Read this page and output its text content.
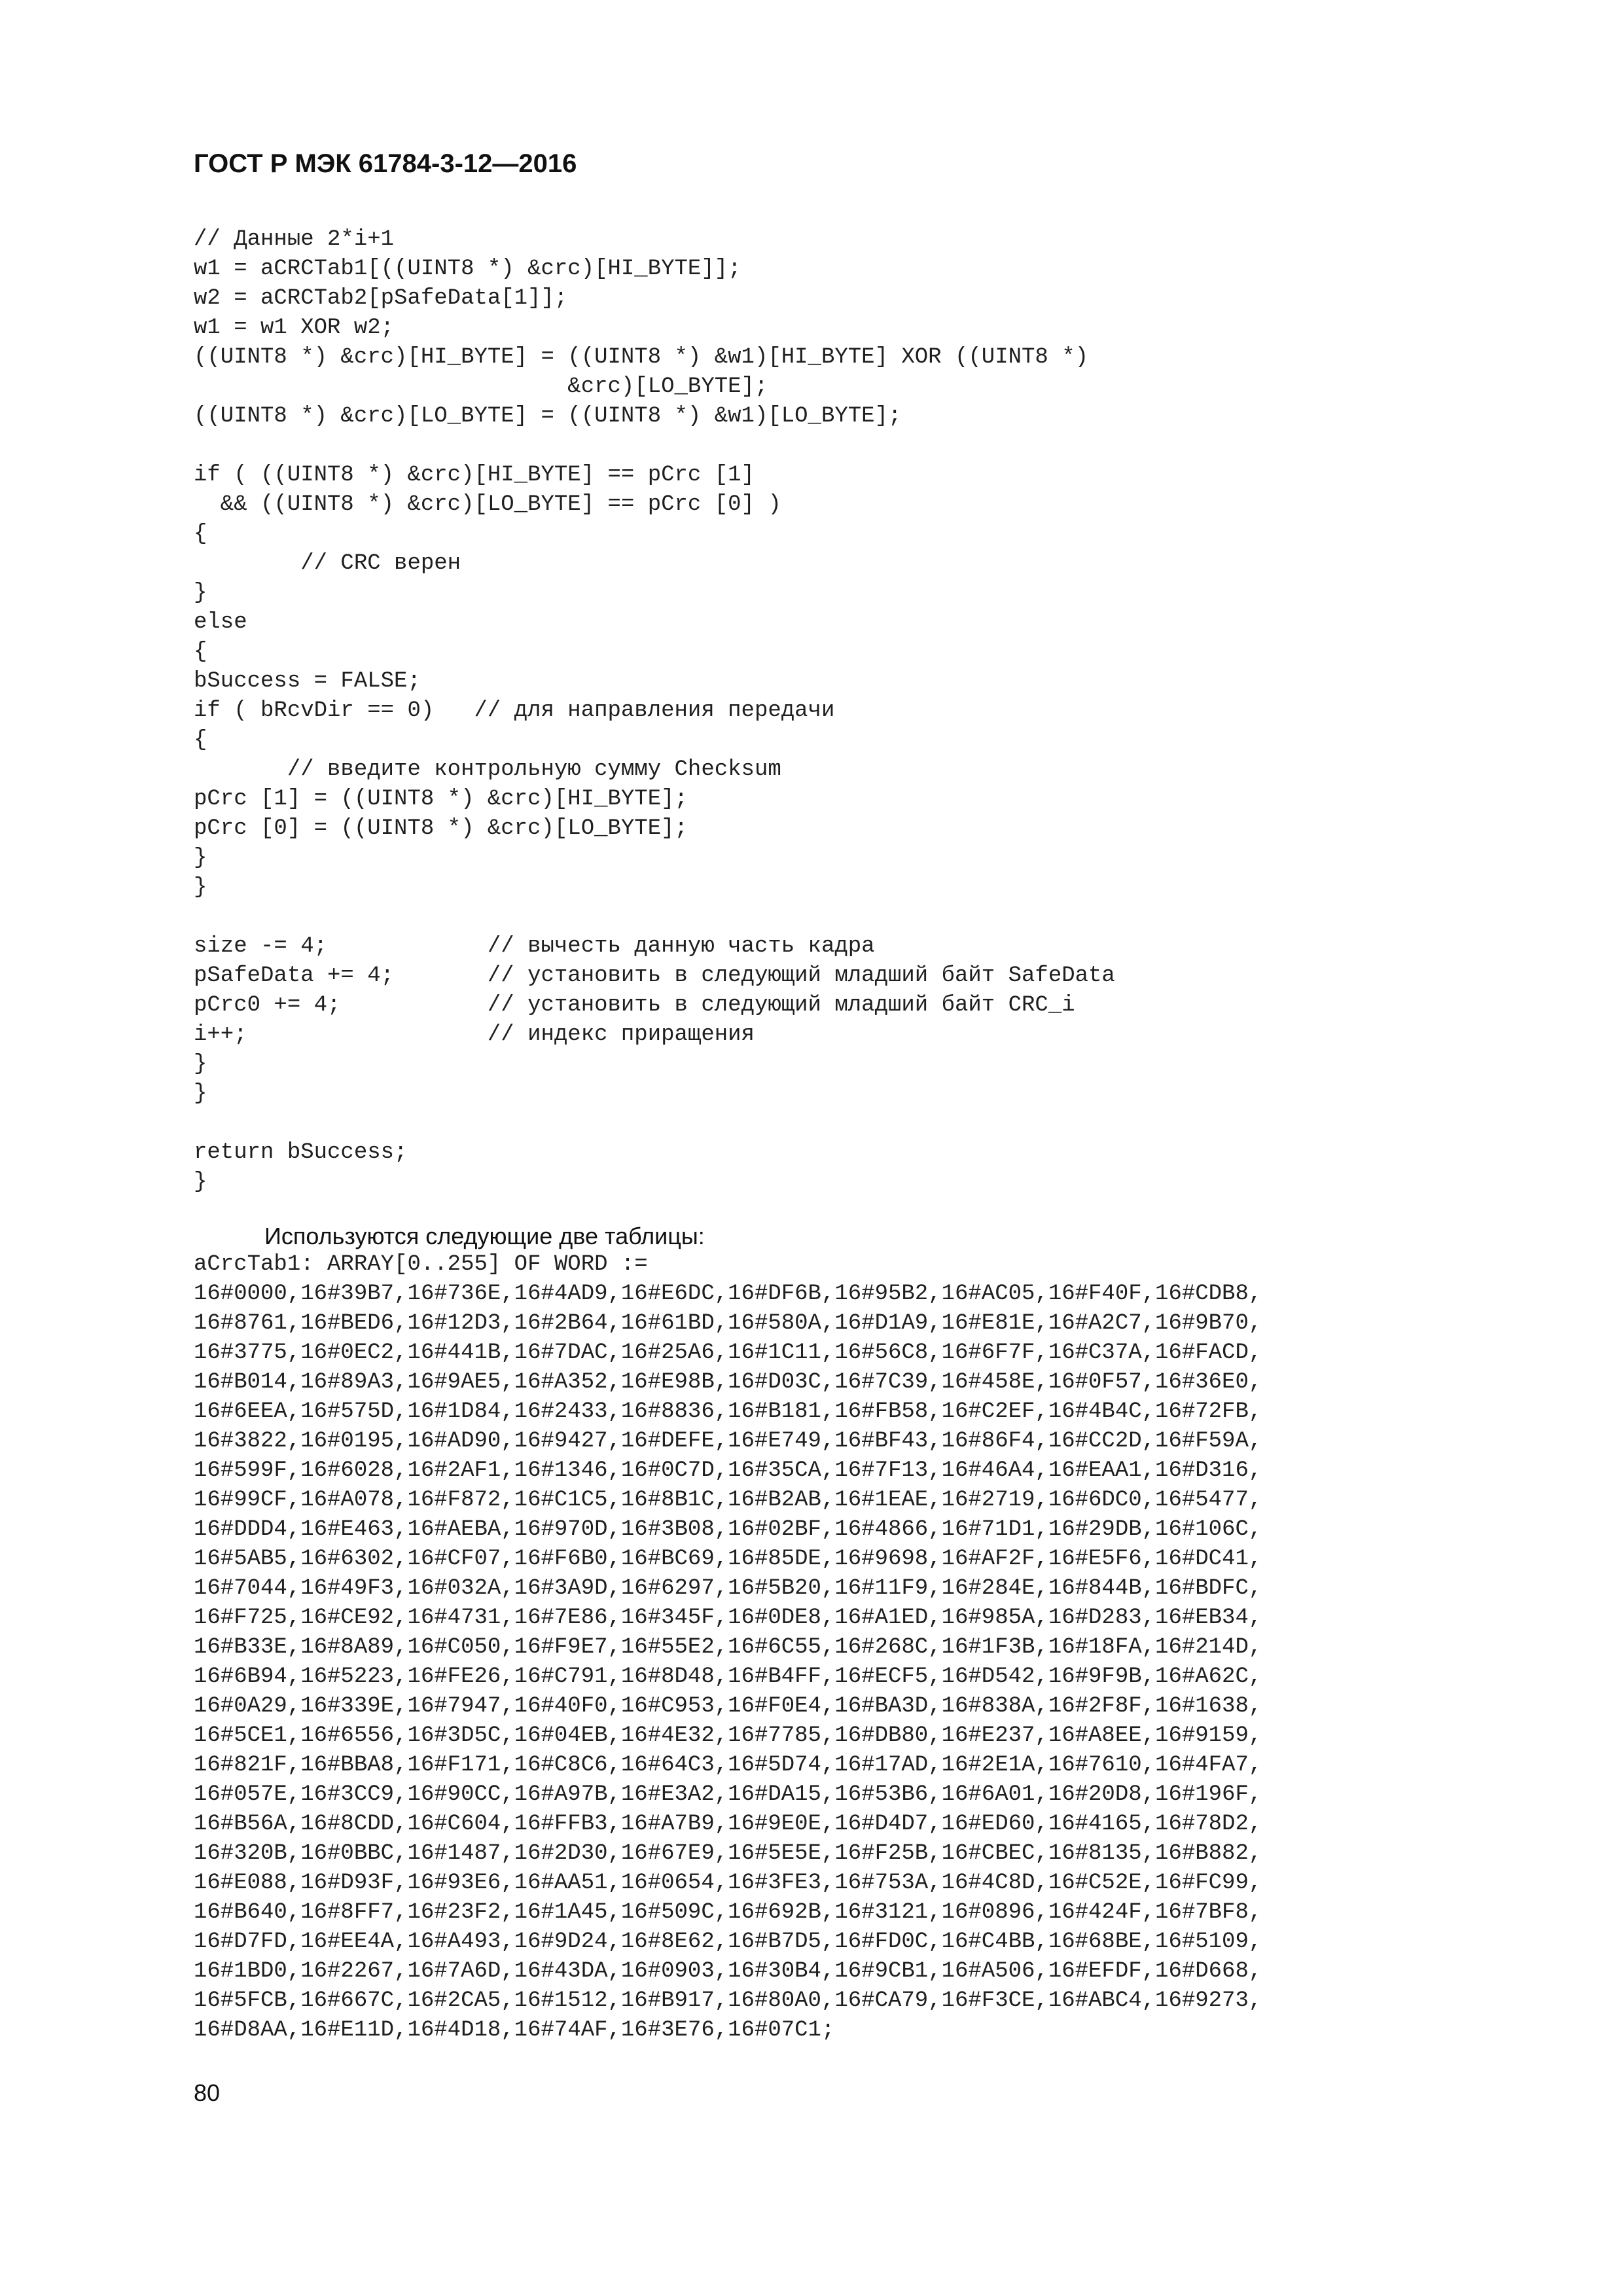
ГОСТ Р МЭК 61784-3-12—2016
// Данные 2*i+1
w1 = aCRCTab1[((UINT8 *) &crc)[HI_BYTE]];
w2 = aCRCTab2[pSafeData[1]];
w1 = w1 XOR w2;
((UINT8 *) &crc)[HI_BYTE] = ((UINT8 *) &w1)[HI_BYTE] XOR ((UINT8 *)
&crc)[LO_BYTE];
((UINT8 *) &crc)[LO_BYTE] = ((UINT8 *) &w1)[LO_BYTE];
if ( ((UINT8 *) &crc)[HI_BYTE] == pCrc [1]
&& ((UINT8 *) &crc)[LO_BYTE] == pCrc [0] )
{
// CRC верен
}
else
{
bSuccess = FALSE;
if ( bRcvDir == 0)   // для направления передачи
{
// введите контрольную сумму Checksum
pCrc [1] = ((UINT8 *) &crc)[HI_BYTE];
pCrc [0] = ((UINT8 *) &crc)[LO_BYTE];
}
}
size -= 4;            // вычесть данную часть кадра
pSafeData += 4;       // установить в следующий младший байт SafeData
pCrc0 += 4;           // установить в следующий младший байт CRC_i
i++;                  // индекс приращения
}
}
return bSuccess;
}
Используются следующие две таблицы:
aCrcTab1: ARRAY[0..255] OF WORD :=
16#0000,16#39B7,16#736E,16#4AD9,16#E6DC,16#DF6B,16#95B2,16#AC05,16#F40F,16#CDB8,
16#8761,16#BED6,16#12D3,16#2B64,16#61BD,16#580A,16#D1A9,16#E81E,16#A2C7,16#9B70,
16#3775,16#0EC2,16#441B,16#7DAC,16#25A6,16#1C11,16#56C8,16#6F7F,16#C37A,16#FACD,
16#B014,16#89A3,16#9AE5,16#A352,16#E98B,16#D03C,16#7C39,16#458E,16#0F57,16#36E0,
16#6EEA,16#575D,16#1D84,16#2433,16#8836,16#B181,16#FB58,16#C2EF,16#4B4C,16#72FB,
16#3822,16#0195,16#AD90,16#9427,16#DEFE,16#E749,16#BF43,16#86F4,16#CC2D,16#F59A,
16#599F,16#6028,16#2AF1,16#1346,16#0C7D,16#35CA,16#7F13,16#46A4,16#EAA1,16#D316,
16#99CF,16#A078,16#F872,16#C1C5,16#8B1C,16#B2AB,16#1EAE,16#2719,16#6DC0,16#5477,
16#DDD4,16#E463,16#AEBA,16#970D,16#3B08,16#02BF,16#4866,16#71D1,16#29DB,16#106C,
16#5AB5,16#6302,16#CF07,16#F6B0,16#BC69,16#85DE,16#9698,16#AF2F,16#E5F6,16#DC41,
16#7044,16#49F3,16#032A,16#3A9D,16#6297,16#5B20,16#11F9,16#284E,16#844B,16#BDFC,
16#F725,16#CE92,16#4731,16#7E86,16#345F,16#0DE8,16#A1ED,16#985A,16#D283,16#EB34,
16#B33E,16#8A89,16#C050,16#F9E7,16#55E2,16#6C55,16#268C,16#1F3B,16#18FA,16#214D,
16#6B94,16#5223,16#FE26,16#C791,16#8D48,16#B4FF,16#ECF5,16#D542,16#9F9B,16#A62C,
16#0A29,16#339E,16#7947,16#40F0,16#C953,16#F0E4,16#BA3D,16#838A,16#2F8F,16#1638,
16#5CE1,16#6556,16#3D5C,16#04EB,16#4E32,16#7785,16#DB80,16#E237,16#A8EE,16#9159,
16#821F,16#BBA8,16#F171,16#C8C6,16#64C3,16#5D74,16#17AD,16#2E1A,16#7610,16#4FA7,
16#057E,16#3CC9,16#90CC,16#A97B,16#E3A2,16#DA15,16#53B6,16#6A01,16#20D8,16#196F,
16#B56A,16#8CDD,16#C604,16#FFB3,16#A7B9,16#9E0E,16#D4D7,16#ED60,16#4165,16#78D2,
16#320B,16#0BBC,16#1487,16#2D30,16#67E9,16#5E5E,16#F25B,16#CBEC,16#8135,16#B882,
16#E088,16#D93F,16#93E6,16#AA51,16#0654,16#3FE3,16#753A,16#4C8D,16#C52E,16#FC99,
16#B640,16#8FF7,16#23F2,16#1A45,16#509C,16#692B,16#3121,16#0896,16#424F,16#7BF8,
16#D7FD,16#EE4A,16#A493,16#9D24,16#8E62,16#B7D5,16#FD0C,16#C4BB,16#68BE,16#5109,
16#1BD0,16#2267,16#7A6D,16#43DA,16#0903,16#30B4,16#9CB1,16#A506,16#EFDF,16#D668,
16#5FCB,16#667C,16#2CA5,16#1512,16#B917,16#80A0,16#CA79,16#F3CE,16#ABC4,16#9273,
16#D8AA,16#E11D,16#4D18,16#74AF,16#3E76,16#07C1;
80
